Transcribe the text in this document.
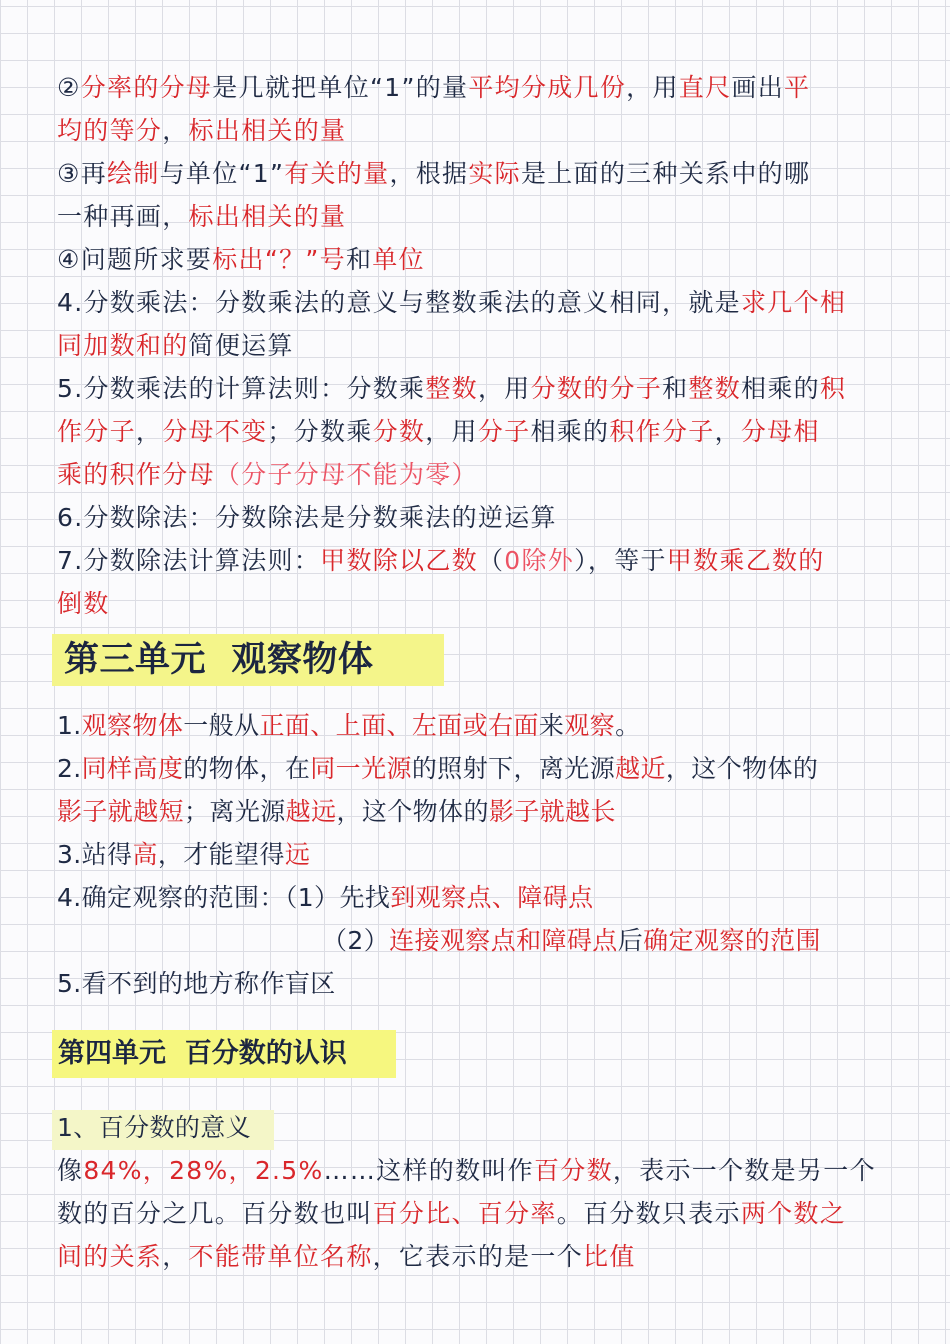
②分率的分母是几就把单位“1”的量平均分成几份，用直尺画出平
均的等分，标出相关的量
③再绘制与单位“1”有关的量，根据实际是上面的三种关系中的哪
一种再画，标出相关的量
④问题所求要标出“？”号和单位
4.分数乘法：分数乘法的意义与整数乘法的意义相同，就是求几个相
同加数和的简便运算
5.分数乘法的计算法则：分数乘整数，用分数的分子和整数相乘的积
作分子，分母不变；分数乘分数，用分子相乘的积作分子，分母相
乘的积作分母（分子分母不能为零）
6.分数除法：分数除法是分数乘法的逆运算
7.分数除法计算法则：甲数除以乙数（0除外），等于甲数乘乙数的
倒数
第三单元  观察物体
1.观察物体一般从正面、上面、左面或右面来观察。
2.同样高度的物体，在同一光源的照射下，离光源越近，这个物体的
影子就越短；离光源越远，这个物体的影子就越长
3.站得高，才能望得远
4.确定观察的范围：（1）先找到观察点、障碍点
（2）连接观察点和障碍点后确定观察的范围
5.看不到的地方称作盲区
第四单元  百分数的认识
1、百分数的意义
像84%，28%，2.5%……这样的数叫作百分数，表示一个数是另一个
数的百分之几。百分数也叫百分比、百分率。百分数只表示两个数之
间的关系，不能带单位名称，它表示的是一个比值
